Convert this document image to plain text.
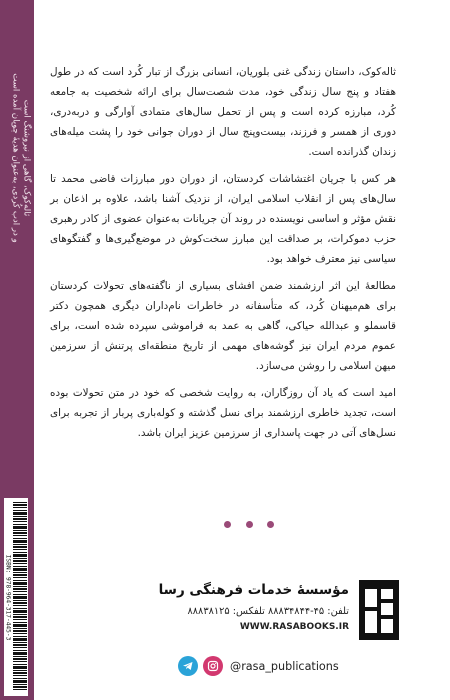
ثاله‌کوک، گاهی از نیروشنگ است
و در ادب کُردی، به‌عنوان هدیه‌ٔ چوپان آمده است
ISBN: 978-964-317-445-3

ثاله‌کوک، داستان زندگی غنی بلوریان، انسانی بزرگ از تبار کُرد است که در طول هفتاد و پنج سال زندگی خود، مدت شصت‌سال برای ارائه شخصیت به جامعه کُرد، مبارزه کرده است و پس از تحمل سال‌های متمادی آوارگی و دربه‌دری، دوری از همسر و فرزند، بیست‌وپنج سال از دوران جوانی خود را پشت میله‌های زندان گذرانده است.

هر کس با جریان اغتشاشات کردستان، از دوران دور مبارزات قاضی محمد تا سال‌های پس از انقلاب اسلامی ایران، از نزدیک آشنا باشد، علاوه بر اذعان بر نقش مؤثر و اساسی نویسنده در روند آن جریانات به‌عنوان عضوی از کادر رهبری حزب دموکرات، بر صداقت این مبارز سخت‌کوش در موضع‌گیری‌ها و گفتگوهای سیاسی نیز معترف خواهد بود.

مطالعهٔ این اثر ارزشمند ضمن افشای بسیاری از ناگفته‌های تحولات کردستان برای هم‌میهنان کُرد، که متأسفانه در خاطرات نام‌داران دیگری همچون دکتر قاسملو و عبدالله حیاکی، گاهی به عمد به فراموشی سپرده شده است، برای عموم مردم ایران نیز گوشه‌های مهمی از تاریخ منطقه‌ای پرتنش از سرزمین میهن اسلامی را روشن می‌سازد.

امید است که یاد آن روزگاران، به روایت شخصی که خود در متن تحولات بوده است، تجدید خاطری ارزشمند برای نسل گذشته و کوله‌باری پربار از تجربه برای نسل‌های آتی در جهت پاسداری از سرزمین عزیز ایران باشد.

مؤسسهٔ خدمات فرهنگی رسا
تلفن: ۴۵-۸۸۸۳۴۸۴۴ تلفکس: ۸۸۸۳۸۱۲۵
WWW.RASABOOKS.IR
@rasa_publications
